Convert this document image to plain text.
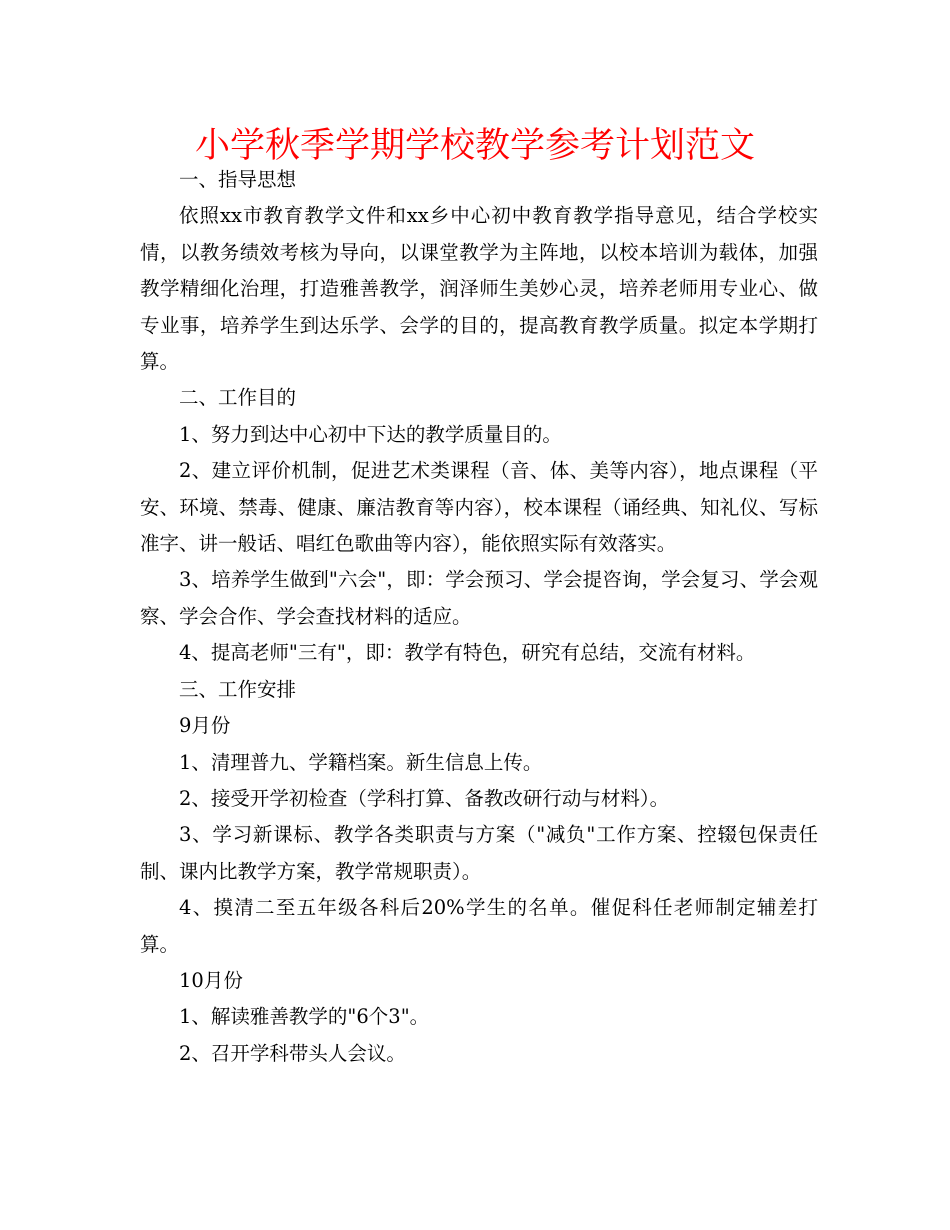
小学秋季学期学校教学参考计划范文

一、指导思想

依照xx市教育教学文件和xx乡中心初中教育教学指导意见，结合学校实情，以教务绩效考核为导向，以课堂教学为主阵地，以校本培训为载体，加强教学精细化治理，打造雅善教学，润泽师生美妙心灵，培养老师用专业心、做专业事，培养学生到达乐学、会学的目的，提高教育教学质量。拟定本学期打算。

二、工作目的

1、努力到达中心初中下达的教学质量目的。

2、建立评价机制，促进艺术类课程（音、体、美等内容），地点课程（平安、环境、禁毒、健康、廉洁教育等内容），校本课程（诵经典、知礼仪、写标准字、讲一般话、唱红色歌曲等内容），能依照实际有效落实。

3、培养学生做到"六会"，即：学会预习、学会提咨询，学会复习、学会观察、学会合作、学会查找材料的适应。

4、提高老师"三有"，即：教学有特色，研究有总结，交流有材料。

三、工作安排

9月份

1、清理普九、学籍档案。新生信息上传。

2、接受开学初检查（学科打算、备教改研行动与材料）。

3、学习新课标、教学各类职责与方案（"减负"工作方案、控辍包保责任制、课内比教学方案，教学常规职责）。

4、摸清二至五年级各科后20%学生的名单。催促科任老师制定辅差打算。

10月份

1、解读雅善教学的"6个3"。

2、召开学科带头人会议。
